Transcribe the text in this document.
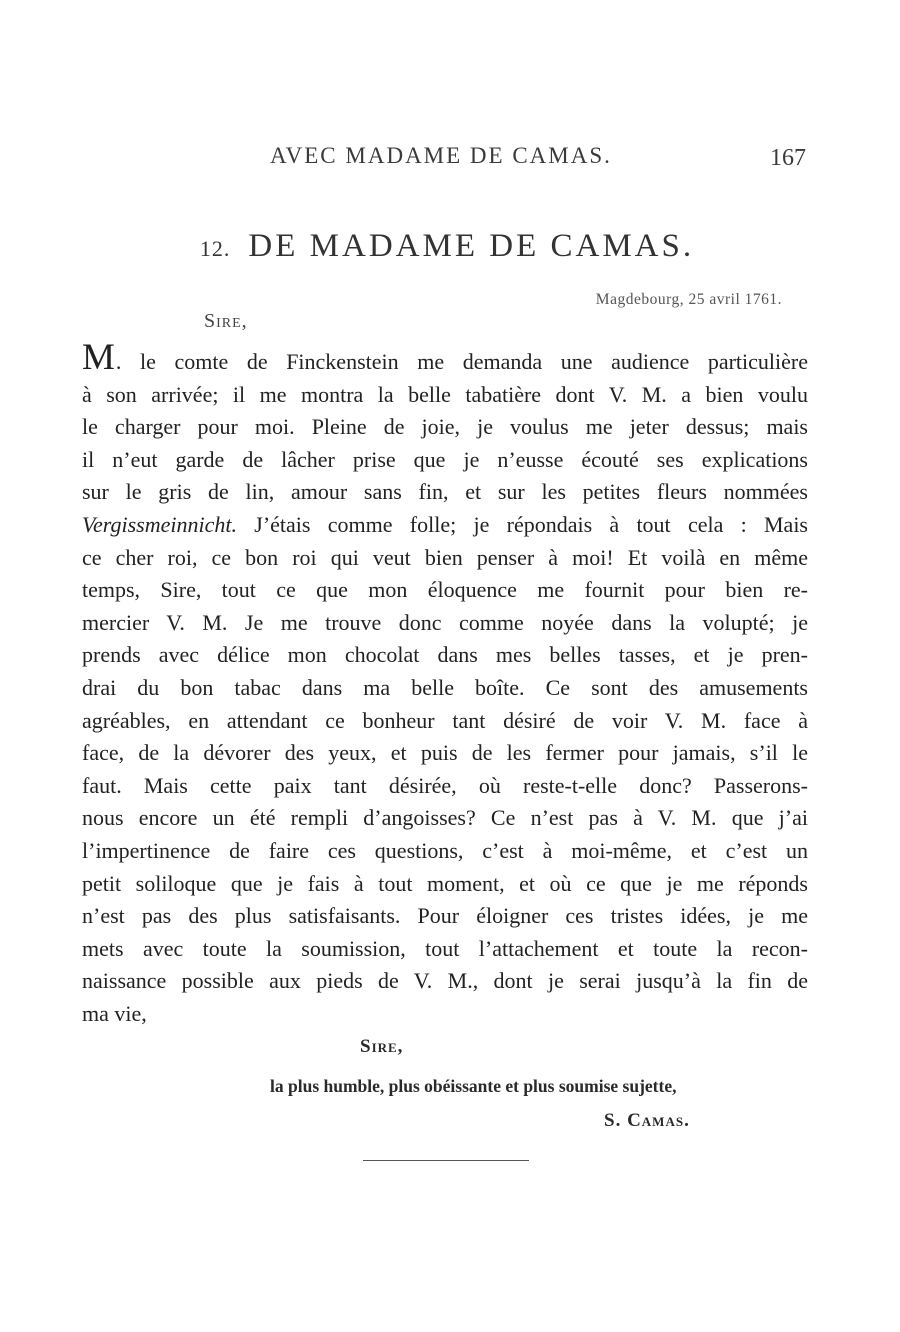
AVEC MADAME DE CAMAS.	167
12. DE MADAME DE CAMAS.
Magdebourg, 25 avril 1761.
Sire,
M. le comte de Finckenstein me demanda une audience particulière
à son arrivée; il me montra la belle tabatière dont V. M. a bien voulu
le charger pour moi. Pleine de joie, je voulus me jeter dessus; mais
il n’eut garde de lâcher prise que je n’eusse écouté ses explications
sur le gris de lin, amour sans fin, et sur les petites fleurs nommées
Vergissmeinnicht. J’étais comme folle; je répondais à tout cela : Mais
ce cher roi, ce bon roi qui veut bien penser à moi! Et voilà en même
temps, Sire, tout ce que mon éloquence me fournit pour bien re-
mercier V. M. Je me trouve donc comme noyée dans la volupté; je
prends avec délice mon chocolat dans mes belles tasses, et je pren-
drai du bon tabac dans ma belle boîte. Ce sont des amusements
agréables, en attendant ce bonheur tant désiré de voir V. M. face à
face, de la dévorer des yeux, et puis de les fermer pour jamais, s’il le
faut. Mais cette paix tant désirée, où reste-t-elle donc? Passerons-
nous encore un été rempli d’angoisses? Ce n’est pas à V. M. que j’ai
l’impertinence de faire ces questions, c’est à moi-même, et c’est un
petit soliloque que je fais à tout moment, et où ce que je me réponds
n’est pas des plus satisfaisants. Pour éloigner ces tristes idées, je me
mets avec toute la soumission, tout l’attachement et toute la recon-
naissance possible aux pieds de V. M., dont je serai jusqu’à la fin de
ma vie,
Sire,
la plus humble, plus obéissante et plus soumise sujette,
S. Camas.
